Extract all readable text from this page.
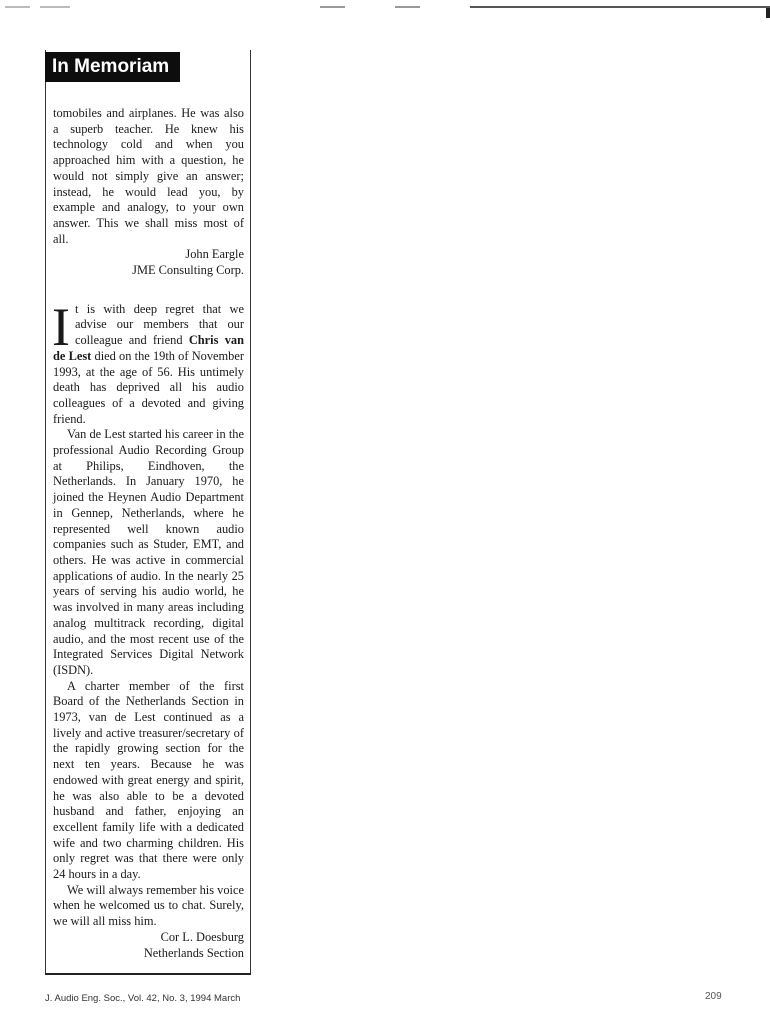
In Memoriam

tomobiles and airplanes. He was also a superb teacher. He knew his technology cold and when you approached him with a question, he would not simply give an answer; instead, he would lead you, by example and analogy, to your own answer. This we shall miss most of all.

John Eargle

JME Consulting Corp.

It is with deep regret that we advise our members that our colleague and friend Chris van de Lest died on the 19th of November 1993, at the age of 56. His untimely death has deprived all his audio colleagues of a devoted and giving friend.

Van de Lest started his career in the professional Audio Recording Group at Philips, Eindhoven, the Netherlands. In January 1970, he joined the Heynen Audio Department in Gennep, Netherlands, where he represented well known audio companies such as Studer, EMT, and others. He was active in commercial applications of audio. In the nearly 25 years of serving his audio world, he was involved in many areas including analog multitrack recording, digital audio, and the most recent use of the Integrated Services Digital Network (ISDN).

A charter member of the first Board of the Netherlands Section in 1973, van de Lest continued as a lively and active treasurer/secretary of the rapidly growing section for the next ten years. Because he was endowed with great energy and spirit, he was also able to be a devoted husband and father, enjoying an excellent family life with a dedicated wife and two charming children. His only regret was that there were only 24 hours in a day.

We will always remember his voice when he welcomed us to chat. Surely, we will all miss him.

Cor L. Doesburg

Netherlands Section

J. Audio Eng. Soc., Vol. 42, No. 3, 1994 March	209
